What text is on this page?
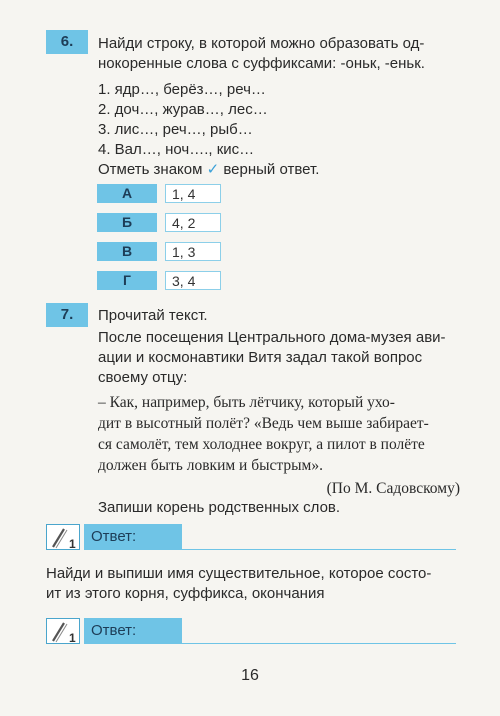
6.	Найди строку, в которой можно образовать од-
нокоренные слова с суффиксами: -оньк, -еньк.
1. ядр…, берёз…, реч…
2. доч…, журав…, лес…
3. лис…, реч…, рыб…
4. Вал…, ноч…., кис…
Отметь знаком ✓ верный ответ.
А	1, 4
Б	4, 2
В	1, 3
Г	3, 4
7.	Прочитай текст.
После посещения Центрального дома-музея ави-
ации и космонавтики Витя задал такой вопрос
своему отцу:
– Как, например, быть лётчику, который ухо-
дит в высотный полёт? «Ведь чем выше забирает-
ся самолёт, тем холоднее вокруг, а пилот в полёте
должен быть ловким и быстрым».
(По М. Садовскому)
Запиши корень родственных слов.
1	Ответ:
Найди и выпиши имя существительное, которое состо-
ит из этого корня, суффикса, окончания
1	Ответ:
16
